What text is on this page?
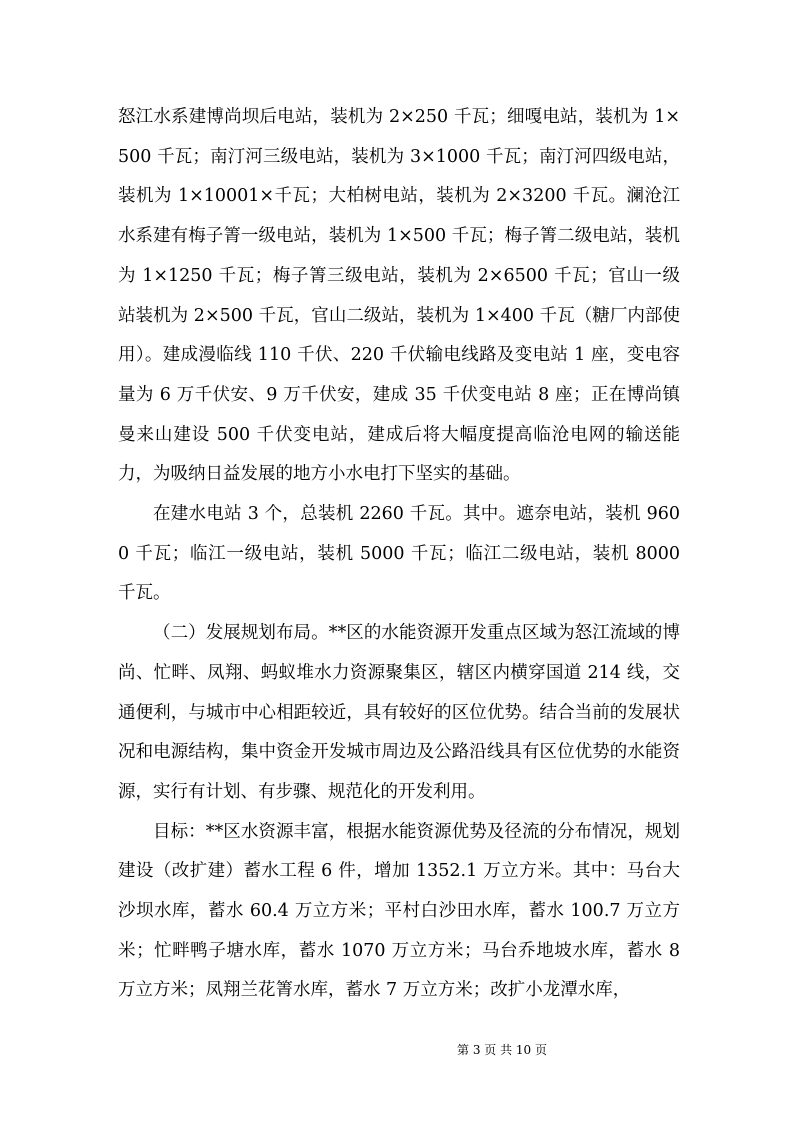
怒江水系建博尚坝后电站，装机为 2×250 千瓦；细嘎电站，装机为 1×500 千瓦；南汀河三级电站，装机为 3×1000 千瓦；南汀河四级电站，装机为 1×10001×千瓦；大柏树电站，装机为 2×3200 千瓦。澜沧江水系建有梅子箐一级电站，装机为 1×500 千瓦；梅子箐二级电站，装机为 1×1250 千瓦；梅子箐三级电站，装机为 2×6500 千瓦；官山一级站装机为 2×500 千瓦，官山二级站，装机为 1×400 千瓦（糖厂内部使用）。建成漫临线 110 千伏、220 千伏输电线路及变电站 1 座，变电容量为 6 万千伏安、9 万千伏安，建成 35 千伏变电站 8 座；正在博尚镇曼来山建设 500 千伏变电站，建成后将大幅度提高临沧电网的输送能力，为吸纳日益发展的地方小水电打下坚实的基础。

在建水电站 3 个，总装机 2260 千瓦。其中。遮奈电站，装机 9600 千瓦；临江一级电站，装机 5000 千瓦；临江二级电站，装机 8000 千瓦。

（二）发展规划布局。**区的水能资源开发重点区域为怒江流域的博尚、忙畔、凤翔、蚂蚁堆水力资源聚集区，辖区内横穿国道 214 线，交通便利，与城市中心相距较近，具有较好的区位优势。结合当前的发展状况和电源结构，集中资金开发城市周边及公路沿线具有区位优势的水能资源，实行有计划、有步骤、规范化的开发利用。

目标：**区水资源丰富，根据水能资源优势及径流的分布情况，规划建设（改扩建）蓄水工程 6 件，增加 1352.1 万立方米。其中：马台大沙坝水库，蓄水 60.4 万立方米；平村白沙田水库，蓄水 100.7 万立方米；忙畔鸭子塘水库，蓄水 1070 万立方米；马台乔地坡水库，蓄水 8 万立方米；凤翔兰花箐水库，蓄水 7 万立方米；改扩小龙潭水库，

第 3 页 共 10 页
